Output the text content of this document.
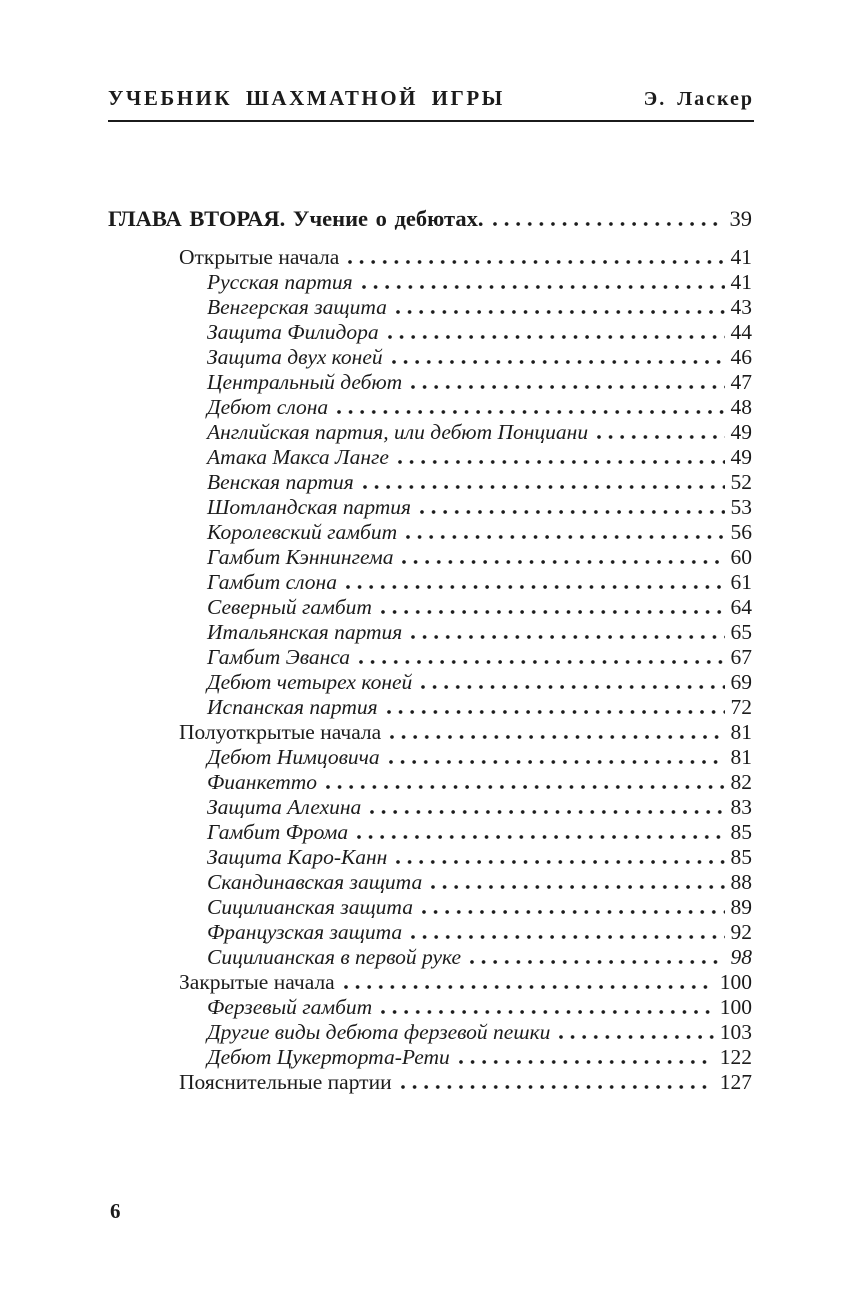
УЧЕБНИК ШАХМАТНОЙ ИГРЫ	Э. Ласкер
ГЛАВА ВТОРАЯ. Учение о дебютах.	39
Открытые начала	41
Русская партия	41
Венгерская защита	43
Защита Филидора	44
Защита двух коней	46
Центральный дебют	47
Дебют слона	48
Английская партия, или дебют Понциани	49
Атака Макса Ланге	49
Венская партия	52
Шотландская партия	53
Королевский гамбит	56
Гамбит Кэннингема	60
Гамбит слона	61
Северный гамбит	64
Итальянская партия	65
Гамбит Эванса	67
Дебют четырех коней	69
Испанская партия	72
Полуоткрытые начала	81
Дебют Нимцовича	81
Фианкетто	82
Защита Алехина	83
Гамбит Фрома	85
Защита Каро-Канн	85
Скандинавская защита	88
Сицилианская защита	89
Французская защита	92
Сицилианская в первой руке	98
Закрытые начала	100
Ферзевый гамбит	100
Другие виды дебюта ферзевой пешки	103
Дебют Цукерторта-Рети	122
Пояснительные партии	127
6
